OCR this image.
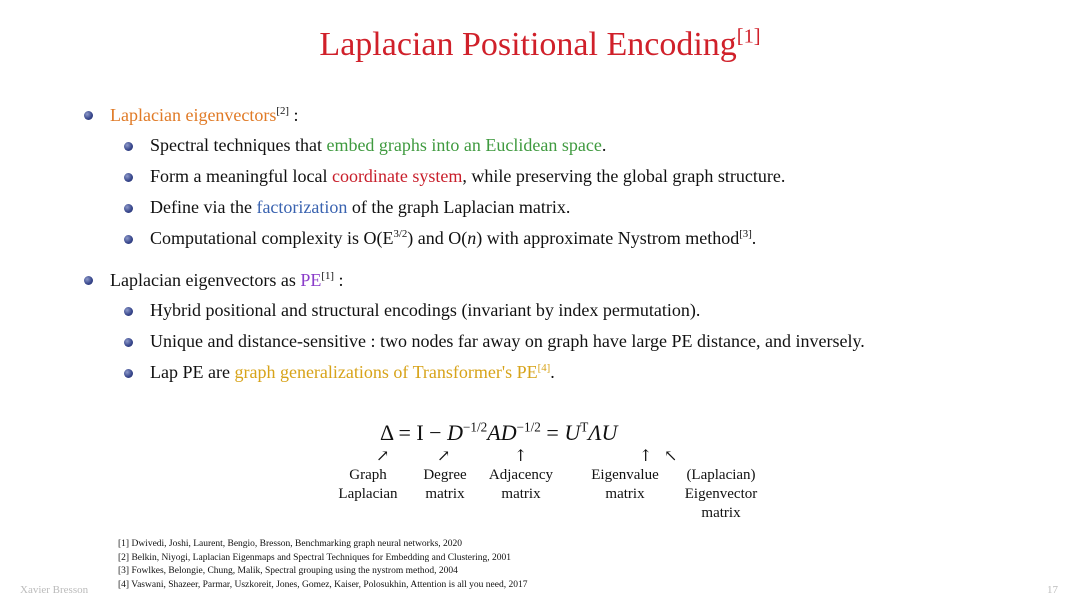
Laplacian Positional Encoding[1]
Laplacian eigenvectors[2] :
Spectral techniques that embed graphs into an Euclidean space.
Form a meaningful local coordinate system, while preserving the global graph structure.
Define via the factorization of the graph Laplacian matrix.
Computational complexity is $O(E^{3/2})$ and O(n) with approximate Nystrom method[3].
Laplacian eigenvectors as PE[1] :
Hybrid positional and structural encodings (invariant by index permutation).
Unique and distance-sensitive : two nodes far away on graph have large PE distance, and inversely.
Lap PE are graph generalizations of Transformer's PE[4].
$\Delta = I - D^{-1/2}AD^{-1/2} = U^T\Lambda U$
↗	↗	↑	↑ ↖
Graph
Laplacian
Degree
matrix
Adjacency
matrix
Eigenvalue
matrix
(Laplacian)
Eigenvector
matrix
[1] Dwivedi, Joshi, Laurent, Bengio, Bresson, Benchmarking graph neural networks, 2020
[2] Belkin, Niyogi, Laplacian Eigenmaps and Spectral Techniques for Embedding and Clustering, 2001
[3] Fowlkes, Belongie, Chung, Malik, Spectral grouping using the nystrom method, 2004
[4] Vaswani, Shazeer, Parmar, Uszkoreit, Jones, Gomez, Kaiser, Polosukhin, Attention is all you need, 2017
Xavier Bresson	17
